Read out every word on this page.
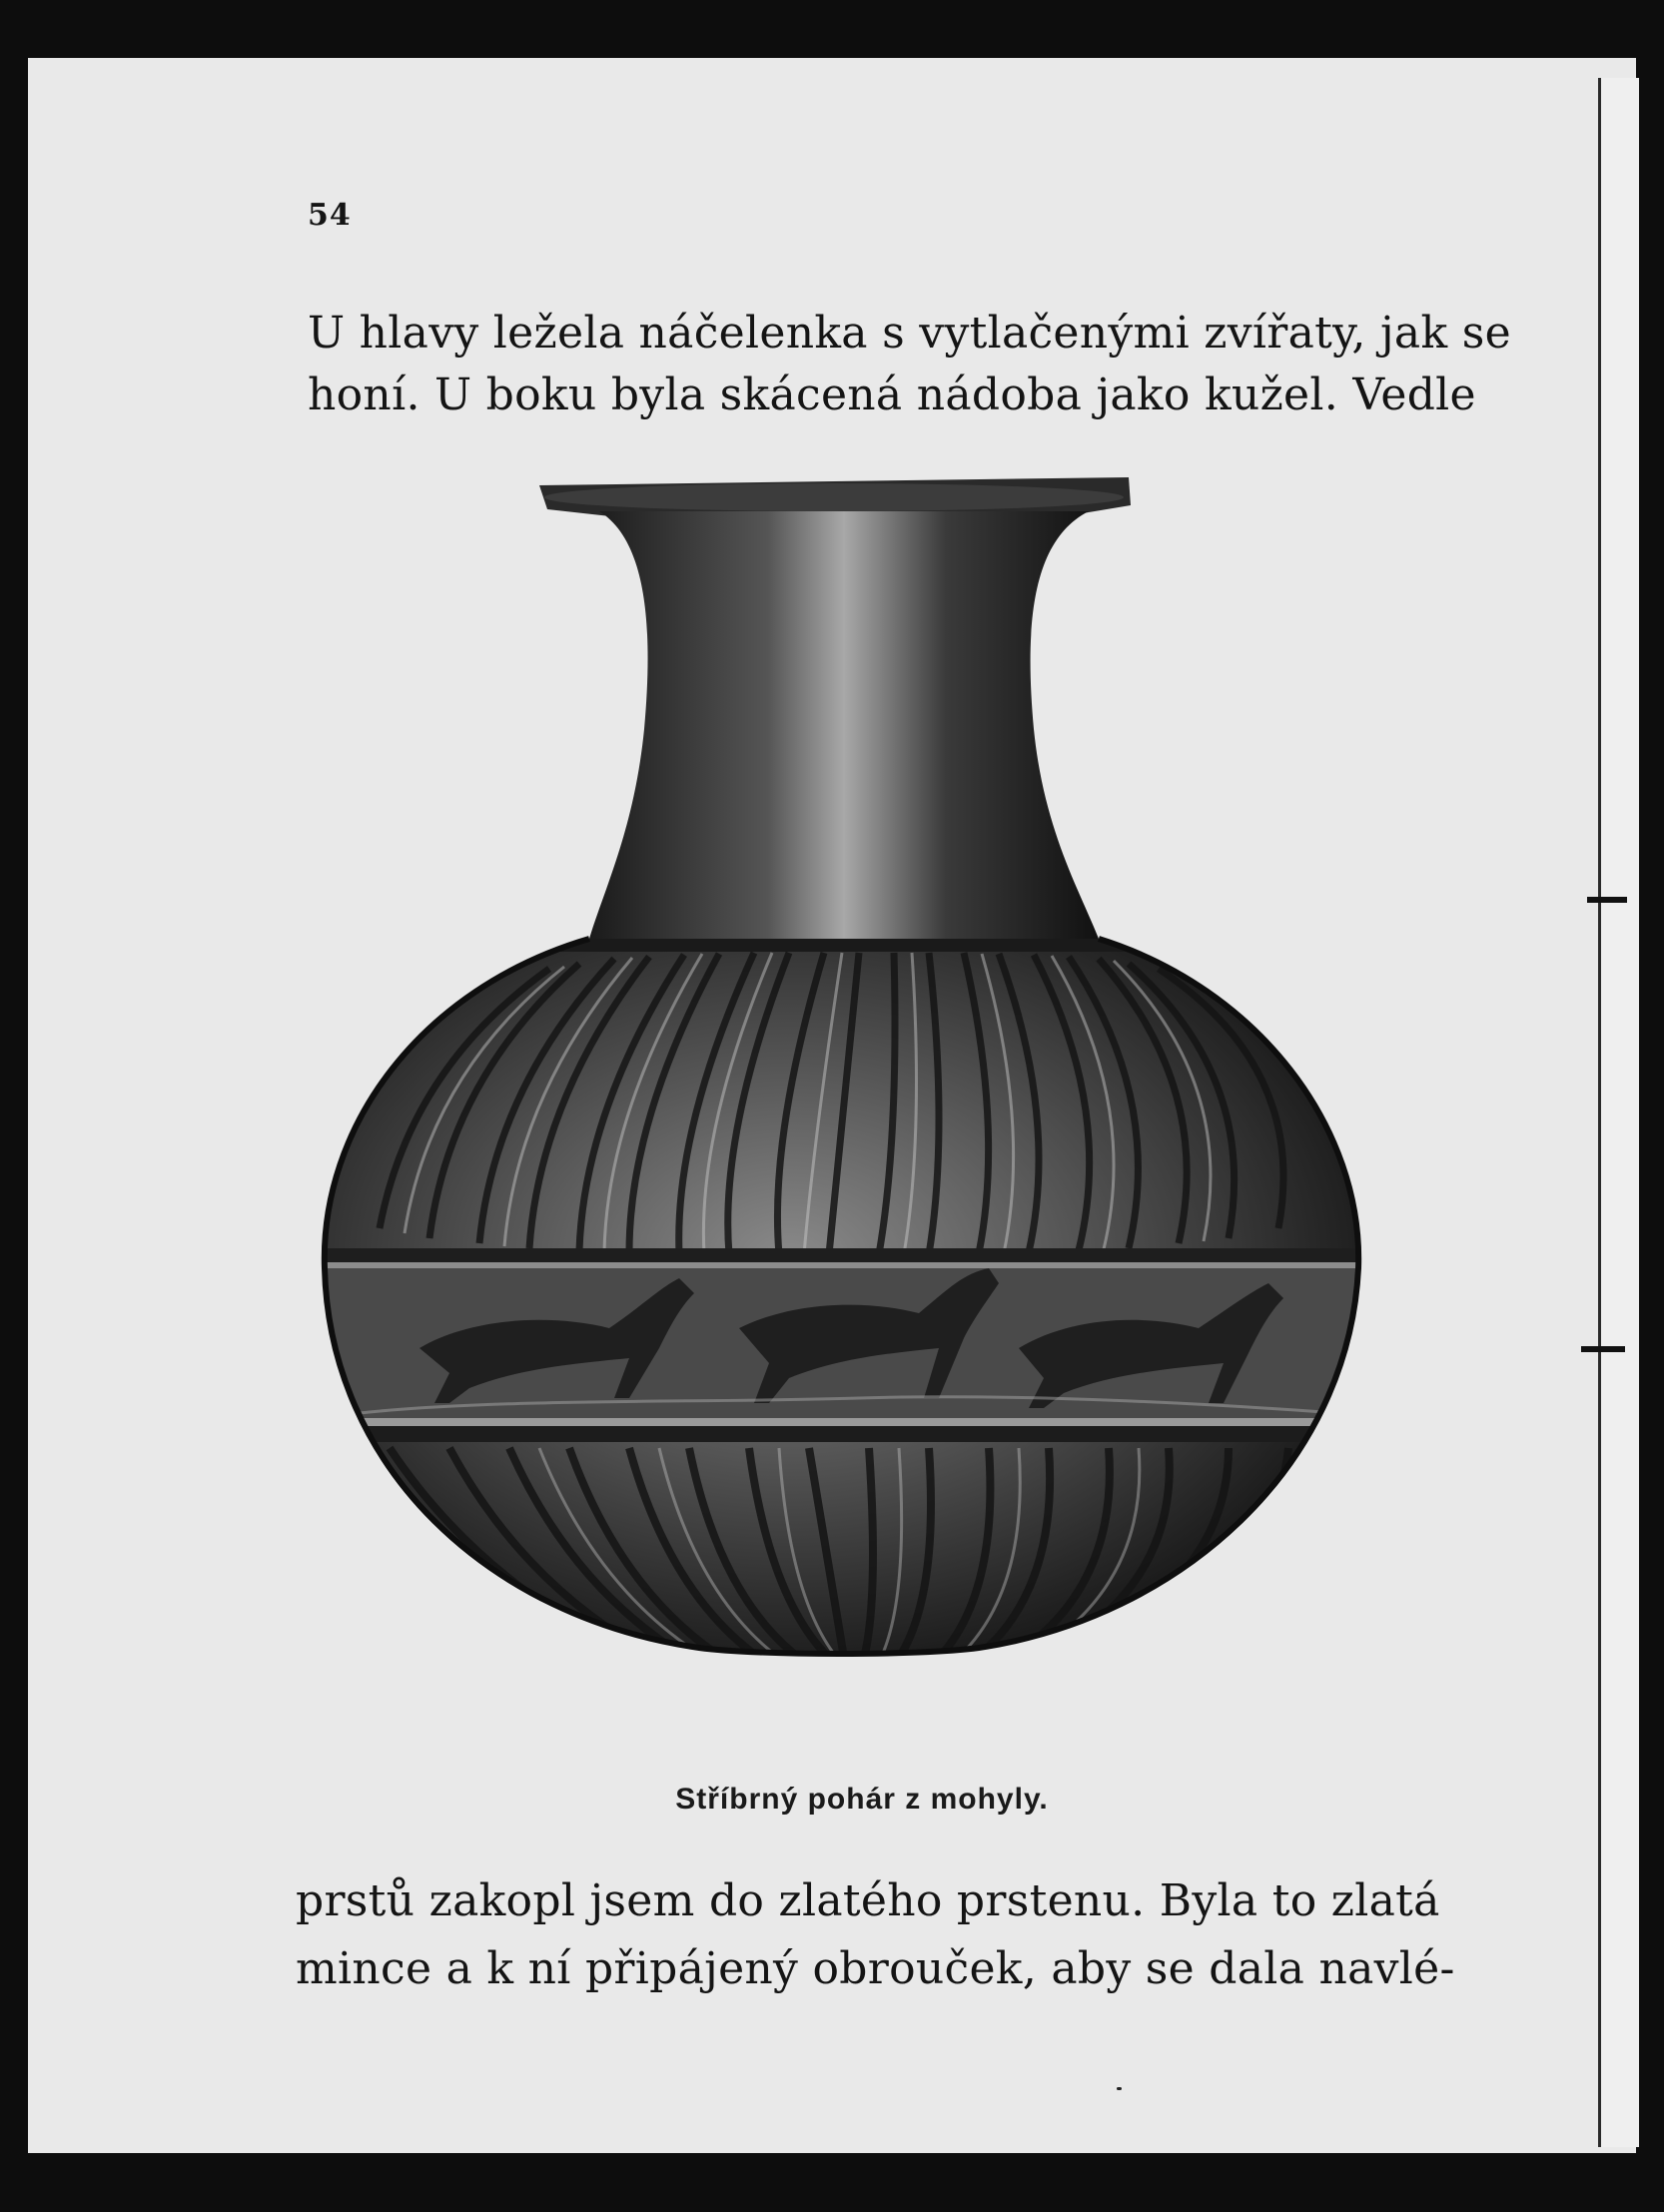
54
U hlavy ležela náčelenka s vytlačenými zvířaty, jak se
honí. U boku byla skácená nádoba jako kužel. Vedle
Stříbrný pohár z mohyly.
prstů zakopl jsem do zlatého prstenu. Byla to zlatá
mince a k ní připájený obrouček, aby se dala navlé-
